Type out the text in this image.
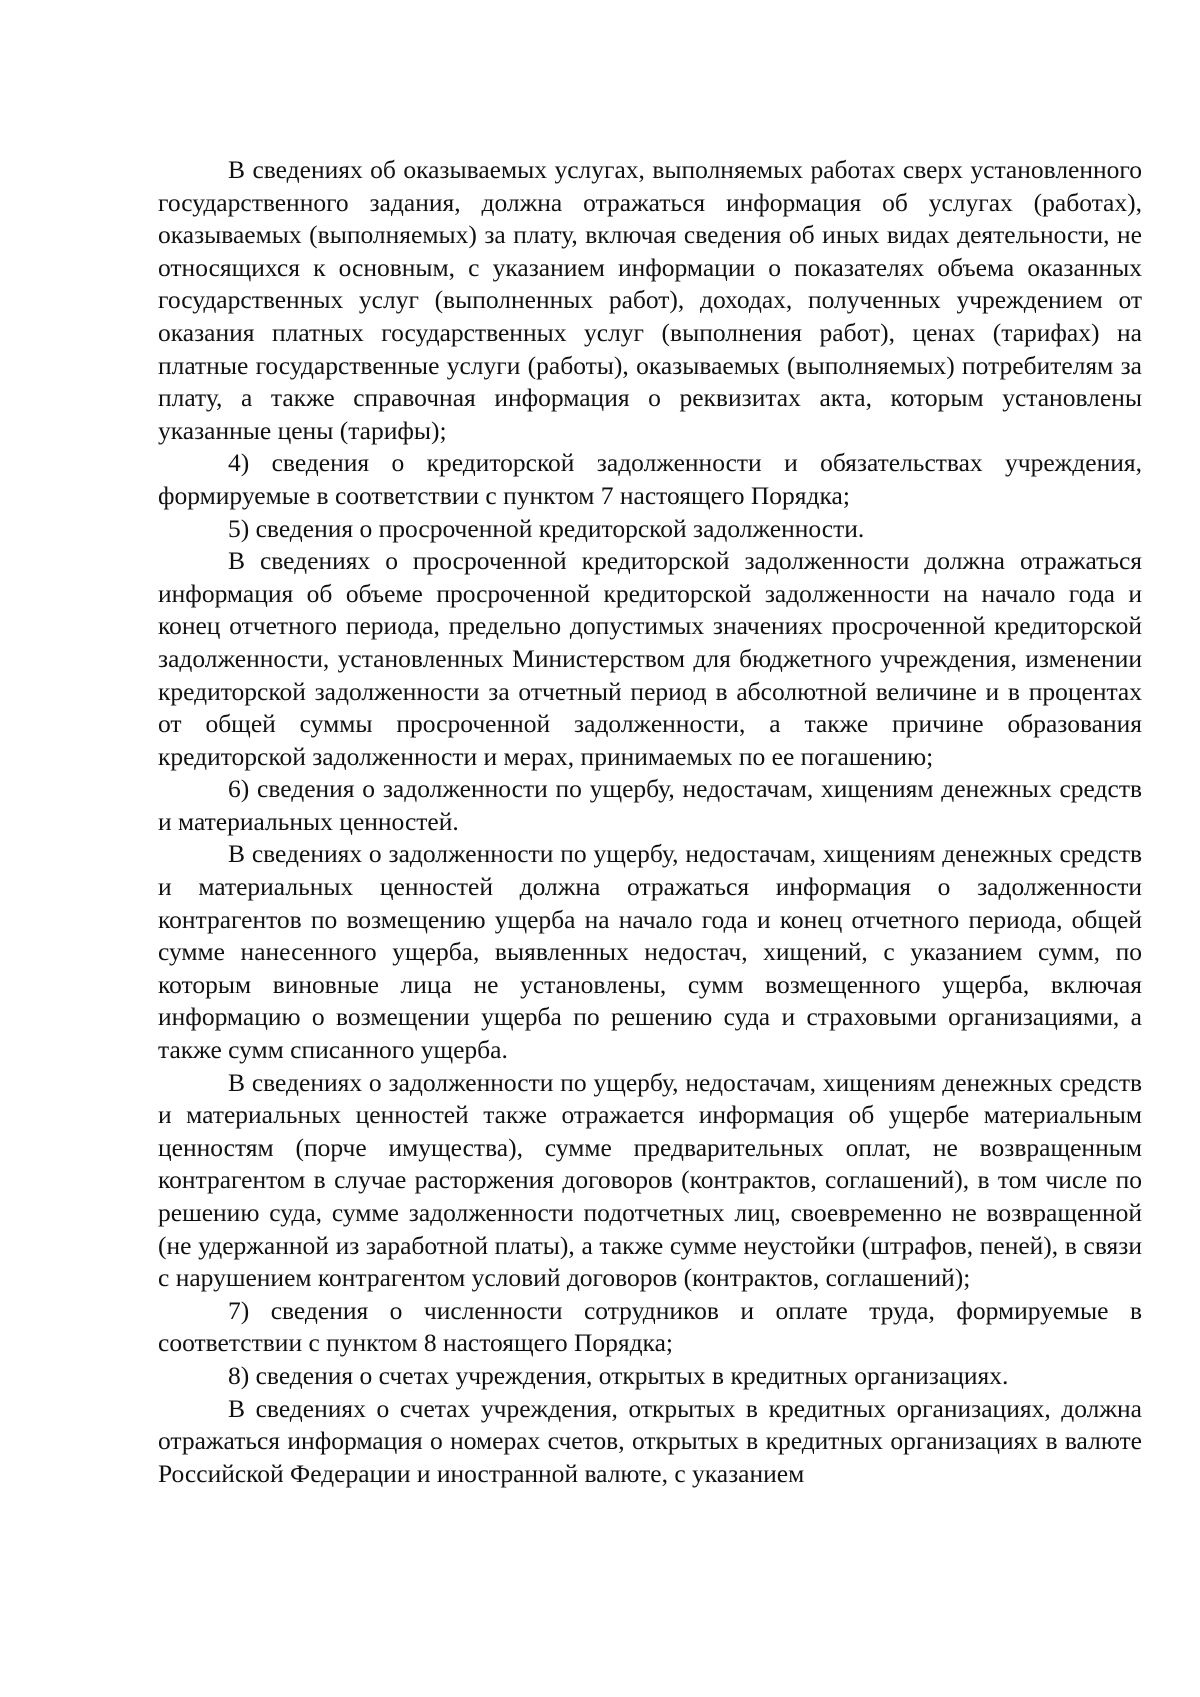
В сведениях об оказываемых услугах, выполняемых работах сверх установленного государственного задания, должна отражаться информация об услугах (работах), оказываемых (выполняемых) за плату, включая сведения об иных видах деятельности, не относящихся к основным, с указанием информации о показателях объема оказанных государственных услуг (выполненных работ), доходах, полученных учреждением от оказания платных государственных услуг (выполнения работ), ценах (тарифах) на платные государственные услуги (работы), оказываемых (выполняемых) потребителям за плату, а также справочная информация о реквизитах акта, которым установлены указанные цены (тарифы);

4) сведения о кредиторской задолженности и обязательствах учреждения, формируемые в соответствии с пунктом 7 настоящего Порядка;

5) сведения о просроченной кредиторской задолженности.

В сведениях о просроченной кредиторской задолженности должна отражаться информация об объеме просроченной кредиторской задолженности на начало года и конец отчетного периода, предельно допустимых значениях просроченной кредиторской задолженности, установленных Министерством для бюджетного учреждения, изменении кредиторской задолженности за отчетный период в абсолютной величине и в процентах от общей суммы просроченной задолженности, а также причине образования кредиторской задолженности и мерах, принимаемых по ее погашению;

6) сведения о задолженности по ущербу, недостачам, хищениям денежных средств и материальных ценностей.

В сведениях о задолженности по ущербу, недостачам, хищениям денежных средств и материальных ценностей должна отражаться информация о задолженности контрагентов по возмещению ущерба на начало года и конец отчетного периода, общей сумме нанесенного ущерба, выявленных недостач, хищений, с указанием сумм, по которым виновные лица не установлены, сумм возмещенного ущерба, включая информацию о возмещении ущерба по решению суда и страховыми организациями, а также сумм списанного ущерба.

В сведениях о задолженности по ущербу, недостачам, хищениям денежных средств и материальных ценностей также отражается информация об ущербе материальным ценностям (порче имущества), сумме предварительных оплат, не возвращенным контрагентом в случае расторжения договоров (контрактов, соглашений), в том числе по решению суда, сумме задолженности подотчетных лиц, своевременно не возвращенной (не удержанной из заработной платы), а также сумме неустойки (штрафов, пеней), в связи с нарушением контрагентом условий договоров (контрактов, соглашений);

7) сведения о численности сотрудников и оплате труда, формируемые в соответствии с пунктом 8 настоящего Порядка;

8) сведения о счетах учреждения, открытых в кредитных организациях.

В сведениях о счетах учреждения, открытых в кредитных организациях, должна отражаться информация о номерах счетов, открытых в кредитных организациях в валюте Российской Федерации и иностранной валюте, с указанием
